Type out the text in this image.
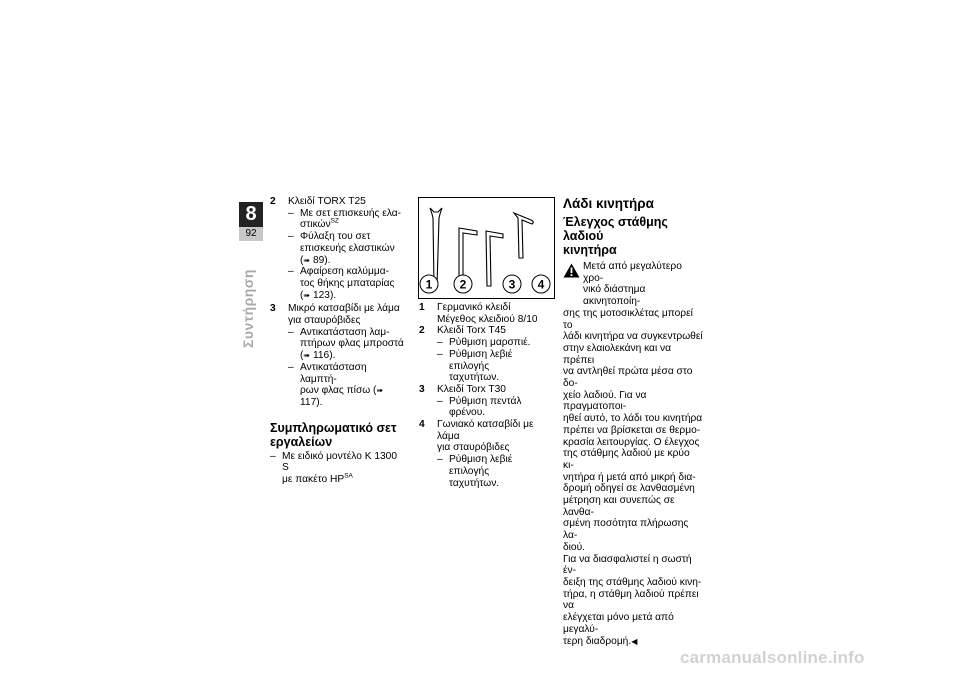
8
92
Συντήρηση
2 Κλειδί TORX T25
– Με σετ επισκευής ελα-
στικών$^{SZ}$
– Φύλαξη του σετ
επισκευής ελαστικών
(➠ 89).
– Αφαίρεση καλύμμα-
τος θήκης μπαταρίας
(➠ 123).
3 Μικρό κατσαβίδι με λάμα
για σταυρόβιδες
– Αντικατάσταση λαμ-
πτήρων φλας μπροστά
(➠ 116).
– Αντικατάσταση λαμπτή-
ρων φλας πίσω (➠ 117).
Συμπληρωματικό σετ
εργαλείων
– Με ειδικό μοντέλο K 1300 S
με πακέτο $HP^{SA}$
1 2	3 4
1 Γερμανικό κλειδί
Μέγεθος κλειδιού 8/10
2 Κλειδί Torx T45
– Ρύθμιση μαρσπιέ.
– Ρύθμιση λεβιέ επιλογής
ταχυτήτων.
3 Κλειδί Torx T30
– Ρύθμιση πεντάλ φρένου.
4 Γωνιακό κατσαβίδι με λάμα
για σταυρόβιδες
– Ρύθμιση λεβιέ επιλογής
ταχυτήτων.
Λάδι κινητήρα
Έλεγχος στάθμης λαδιού
κινητήρα
Μετά από μεγαλύτερο χρο-
νικό διάστημα ακινητοποίη-
σης της μοτοσικλέτας μπορεί το
λάδι κινητήρα να συγκεντρωθεί
στην ελαιολεκάνη και να πρέπει
να αντληθεί πρώτα μέσα στο δο-
χείο λαδιού. Για να πραγματοποι-
ηθεί αυτό, το λάδι του κινητήρα
πρέπει να βρίσκεται σε θερμο-
κρασία λειτουργίας. Ο έλεγχος
της στάθμης λαδιού με κρύο κι-
νητήρα ή μετά από μικρή δια-
δρομή οδηγεί σε λανθασμένη
μέτρηση και συνεπώς σε λανθα-
σμένη ποσότητα πλήρωσης λα-
διού.
Για να διασφαλιστεί η σωστή έν-
δειξη της στάθμης λαδιού κινη-
τήρα, η στάθμη λαδιού πρέπει να
ελέγχεται μόνο μετά από μεγαλύ-
τερη διαδρομή.◀
carmanualsonline.info
